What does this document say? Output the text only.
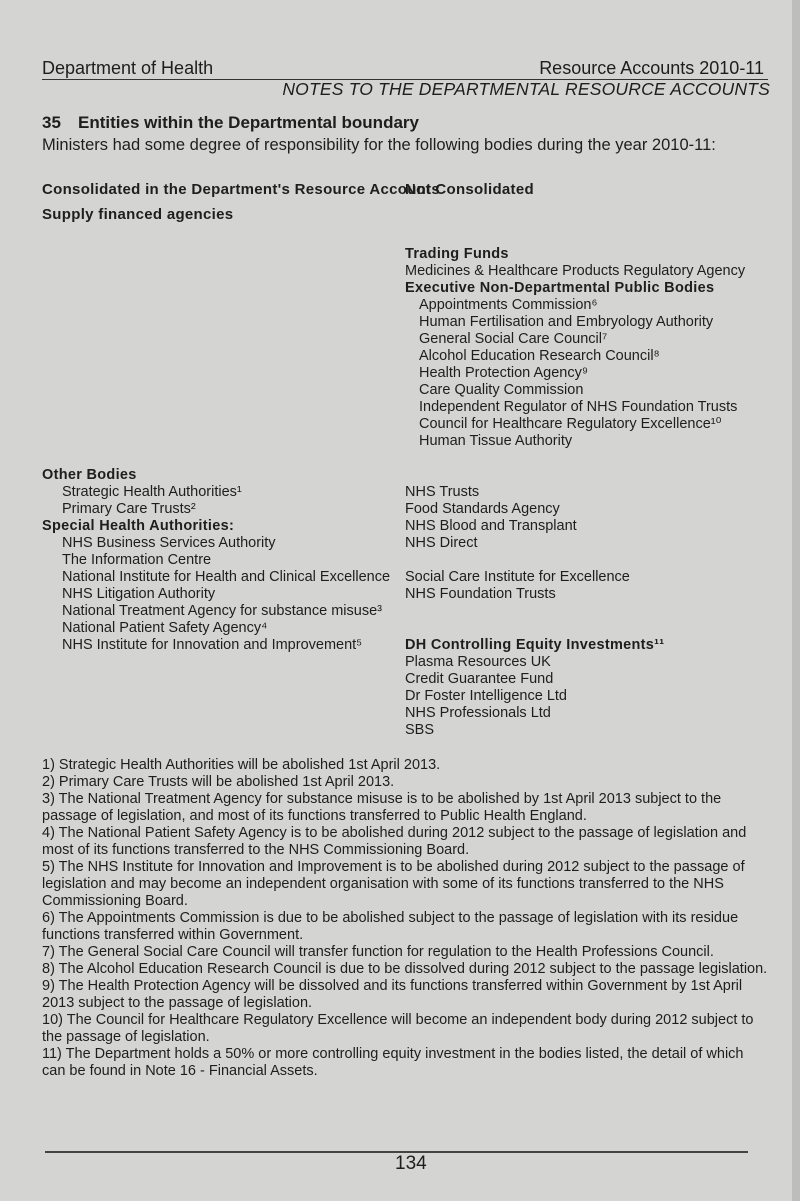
Department of Health	Resource Accounts 2010-11
NOTES TO THE DEPARTMENTAL RESOURCE ACCOUNTS
35 Entities within the Departmental boundary
Ministers had some degree of responsibility for the following bodies during the year 2010-11:
Consolidated in the Department's Resource Accounts
Not Consolidated
Supply financed agencies
Trading Funds
Medicines & Healthcare Products Regulatory Agency
Executive Non-Departmental Public Bodies
Appointments Commission⁶
Human Fertilisation and Embryology Authority
General Social Care Council⁷
Alcohol Education Research Council⁸
Health Protection Agency⁹
Care Quality Commission
Independent Regulator of NHS Foundation Trusts
Council for Healthcare Regulatory Excellence¹⁰
Human Tissue Authority
Other Bodies
Strategic Health Authorities¹
Primary Care Trusts²
Special Health Authorities:
NHS Business Services Authority
The Information Centre
National Institute for Health and Clinical Excellence
NHS Litigation Authority
National Treatment Agency for substance misuse³
National Patient Safety Agency⁴
NHS Institute for Innovation and Improvement⁵
NHS Trusts
Food Standards Agency
NHS Blood and Transplant
NHS Direct
Social Care Institute for Excellence
NHS Foundation Trusts
DH Controlling Equity Investments¹¹
Plasma Resources UK
Credit Guarantee Fund
Dr Foster Intelligence Ltd
NHS Professionals Ltd
SBS

1) Strategic Health Authorities will be abolished 1st April 2013.

2) Primary Care Trusts will be abolished 1st April 2013.

3) The National Treatment Agency for substance misuse is to be abolished by 1st April 2013 subject to the passage of legislation, and most of its functions transferred to Public Health England.

4) The National Patient Safety Agency is to be abolished during 2012 subject to the passage of legislation and most of its functions transferred to the NHS Commissioning Board.

5) The NHS Institute for Innovation and Improvement is to be abolished during 2012 subject to the passage of legislation and may become an independent organisation with some of its functions transferred to the NHS Commissioning Board.

6) The Appointments Commission is due to be abolished subject to the passage of legislation with its residue functions transferred within Government.

7) The General Social Care Council will transfer function for regulation to the Health Professions Council.

8) The Alcohol Education Research Council is due to be dissolved during 2012 subject to the passage legislation.

9) The Health Protection Agency will be dissolved and its functions transferred within Government by 1st April 2013 subject to the passage of legislation.

10) The Council for Healthcare Regulatory Excellence will become an independent body during 2012 subject to the passage of legislation.

11) The Department holds a 50% or more controlling equity investment in the bodies listed, the detail of which can be found in Note 16 - Financial Assets.

134
